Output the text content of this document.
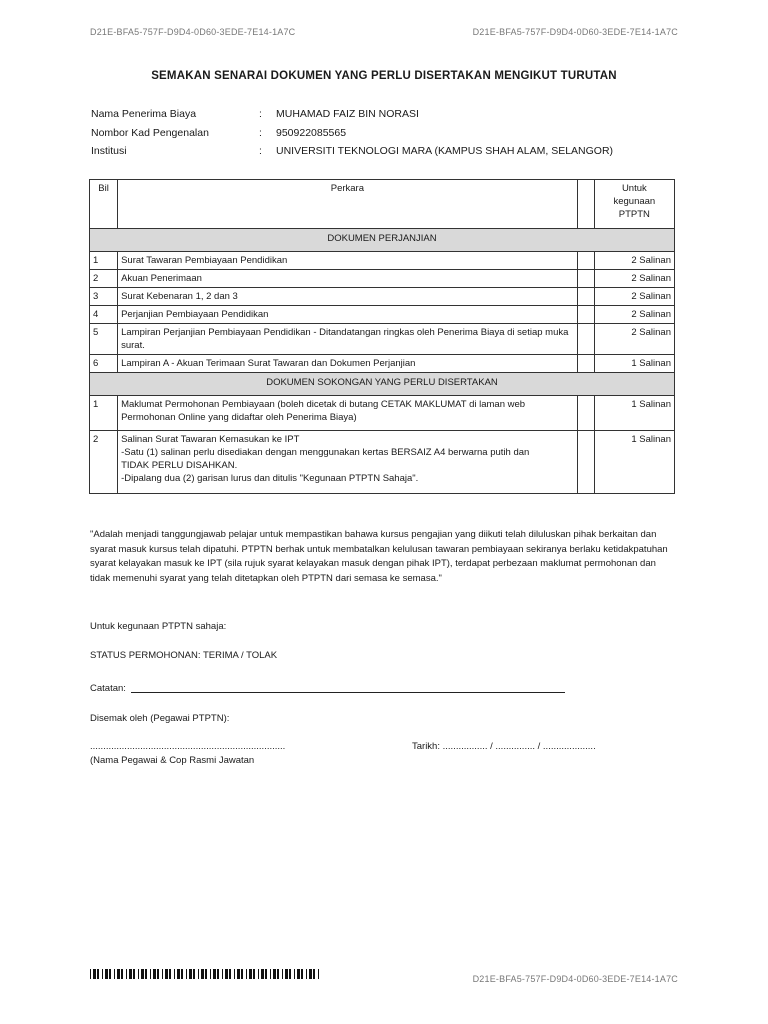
D21E-BFA5-757F-D9D4-0D60-3EDE-7E14-1A7C	D21E-BFA5-757F-D9D4-0D60-3EDE-7E14-1A7C
SEMAKAN SENARAI DOKUMEN YANG PERLU DISERTAKAN MENGIKUT TURUTAN
Nama Penerima Biaya	: MUHAMAD FAIZ BIN NORASI
Nombor Kad Pengenalan	: 950922085565
Institusi	: UNIVERSITI TEKNOLOGI MARA (KAMPUS SHAH ALAM, SELANGOR)
Bil	Perkara		Untuk
kegunaan
PTPTN

DOKUMEN PERJANJIAN			
1	Surat Tawaran Pembiayaan Pendidikan		2 Salinan
2	Akuan Penerimaan		2 Salinan
3	Surat Kebenaran 1, 2 dan 3		2 Salinan
4	Perjanjian Pembiayaan Pendidikan		2 Salinan
5	Lampiran Perjanjian Pembiayaan Pendidikan - Ditandatangan ringkas oleh Penerima Biaya di setiap muka surat.		2 Salinan
6	Lampiran A - Akuan Terimaan Surat Tawaran dan Dokumen Perjanjian		1 Salinan
DOKUMEN SOKONGAN YANG PERLU DISERTAKAN			
1	Maklumat Permohonan Pembiayaan (boleh dicetak di butang CETAK MAKLUMAT di laman web Permohonan Online yang didaftar oleh Penerima Biaya)		1 Salinan
2	Salinan Surat Tawaran Kemasukan ke IPT
-Satu (1) salinan perlu disediakan dengan menggunakan kertas BERSAIZ A4 berwarna putih dan
TIDAK PERLU DISAHKAN.
-Dipalang dua (2) garisan lurus dan ditulis "Kegunaan PTPTN Sahaja".		1 Salinan
"Adalah menjadi tanggungjawab pelajar untuk mempastikan bahawa kursus pengajian yang diikuti telah diluluskan pihak berkaitan dan syarat masuk kursus telah dipatuhi. PTPTN berhak untuk membatalkan kelulusan tawaran pembiayaan sekiranya berlaku ketidakpatuhan syarat kelayakan masuk ke IPT (sila rujuk syarat kelayakan masuk dengan pihak IPT), terdapat perbezaan maklumat permohonan dan tidak memenuhi syarat yang telah ditetapkan oleh PTPTN dari semasa ke semasa."
Untuk kegunaan PTPTN sahaja:
STATUS PERMOHONAN: TERIMA / TOLAK
Catatan:
Disemak oleh (Pegawai PTPTN):
..........................................................................	Tarikh: ................. / ............... / ....................
(Nama Pegawai & Cop Rasmi Jawatan
D21E-BFA5-757F-D9D4-0D60-3EDE-7E14-1A7C
